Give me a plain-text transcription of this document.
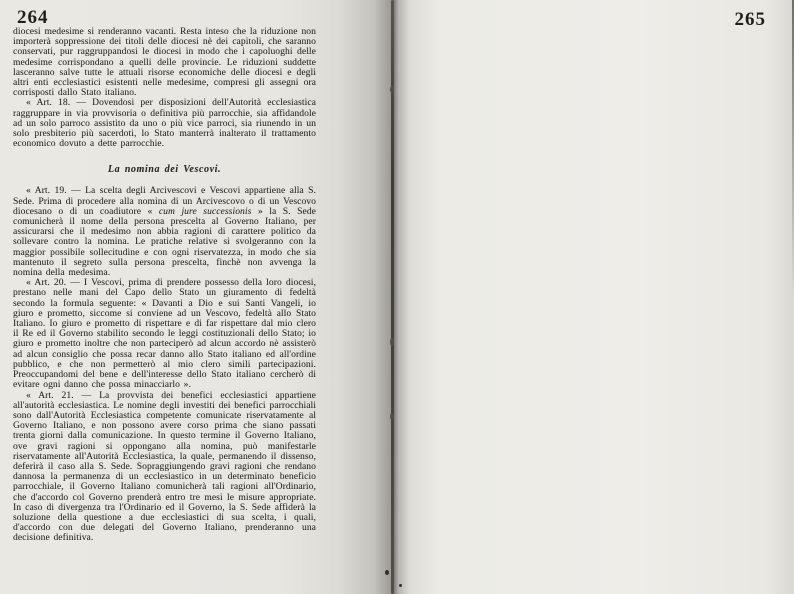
264

diocesi medesime si renderanno vacanti. Resta inteso che la riduzione non importerà soppressione dei titoli delle diocesi nè dei capitoli, che saranno conservati, pur raggruppandosi le diocesi in modo che i capoluoghi delle medesime corrispondano a quelli delle provincie. Le riduzioni suddette lasceranno salve tutte le attuali risorse economiche delle diocesi e degli altri enti ecclesiastici esistenti nelle medesime, compresi gli assegni ora corrisposti dallo Stato italiano.

« Art. 18. — Dovendosi per disposizioni dell'Autorità ecclesiastica raggruppare in via provvisoria o definitiva più parrocchie, sia affidandole ad un solo parroco assistito da uno o più vice parroci, sia riunendo in un solo presbiterio più sacerdoti, lo Stato manterrà inalterato il trattamento economico dovuto a dette parrocchie.

La nomina dei Vescovi.

« Art. 19. — La scelta degli Arcivescovi e Vescovi appartiene alla S. Sede. Prima di procedere alla nomina di un Arcivescovo o di un Vescovo diocesano o di un coadiutore « cum jure successionis » la S. Sede comunicherà il nome della persona prescelta al Governo Italiano, per assicurarsi che il medesimo non abbia ragioni di carattere politico da sollevare contro la nomina. Le pratiche relative si svolgeranno con la maggior possibile sollecitudine e con ogni riservatezza, in modo che sia mantenuto il segreto sulla persona prescelta, finchè non avvenga la nomina della medesima.

« Art. 20. — I Vescovi, prima di prendere possesso della loro diocesi, prestano nelle mani del Capo dello Stato un giuramento di fedeltà secondo la formula seguente: « Davanti a Dio e sui Santi Vangeli, io giuro e prometto, siccome si conviene ad un Vescovo, fedeltà allo Stato Italiano. Io giuro e prometto di rispettare e di far rispettare dal mio clero il Re ed il Governo stabilito secondo le leggi costituzionali dello Stato; io giuro e prometto inoltre che non parteciperò ad alcun accordo nè assisterò ad alcun consiglio che possa recar danno allo Stato italiano ed all'ordine pubblico, e che non permetterò al mio clero simili partecipazioni. Preoccupandomi del bene e dell'interesse dello Stato italiano cercherò di evitare ogni danno che possa minacciarlo ».

« Art. 21. — La provvista dei benefici ecclesiastici appartiene all'autorità ecclesiastica. Le nomine degli investiti dei benefici parrocchiali sono dall'Autorità Ecclesiastica competente comunicate riservatamente al Governo Italiano, e non possono avere corso prima che siano passati trenta giorni dalla comunicazione. In questo termine il Governo Italiano, ove gravi ragioni si oppongano alla nomina, può manifestarle riservatamente all'Autorità Ecclesiastica, la quale, permanendo il dissenso, deferirà il caso alla S. Sede. Sopraggiungendo gravi ragioni che rendano dannosa la permanenza di un ecclesiastico in un determinato beneficio parrocchiale, il Governo Italiano comunicherà tali ragioni all'Ordinario, che d'accordo col Governo prenderà entro tre mesi le misure appropriate. In caso di divergenza tra l'Ordinario ed il Governo, la S. Sede affiderà la soluzione della questione a due ecclesiastici di sua scelta, i quali, d'accordo con due delegati del Governo Italiano, prenderanno una decisione definitiva.

265
